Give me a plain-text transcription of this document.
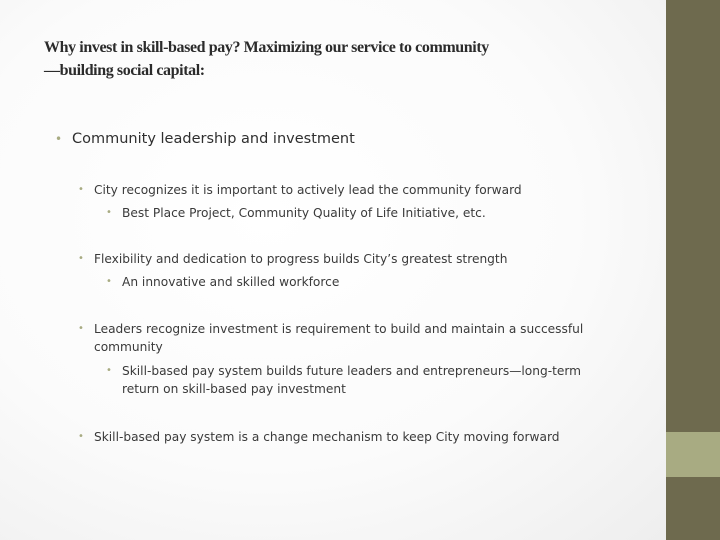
Why invest in skill-based pay? Maximizing our service to community
—building social capital:
• Community leadership and investment
• City recognizes it is important to actively lead the community forward
• Best Place Project, Community Quality of Life Initiative, etc.
• Flexibility and dedication to progress builds City’s greatest strength
• An innovative and skilled workforce
• Leaders recognize investment is requirement to build and maintain a successful community
• Skill-based pay system builds future leaders and entrepreneurs—long-term return on skill-based pay investment
• Skill-based pay system is a change mechanism to keep City moving forward
